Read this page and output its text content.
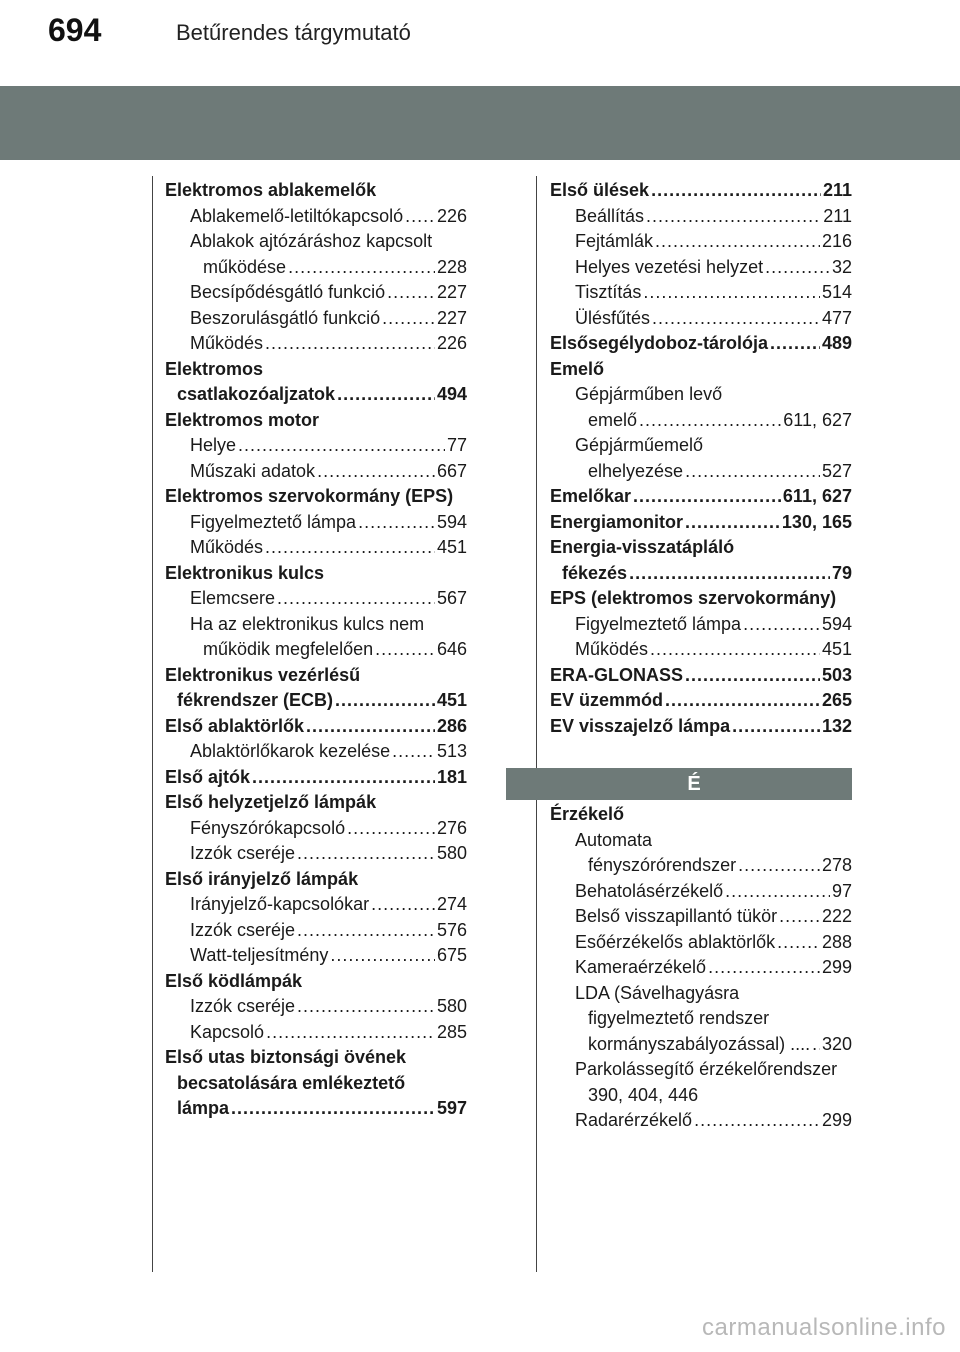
694	Betűrendes tárgymutató
Elektromos ablakemelők
Ablakemelő-letiltókapcsoló ..... 226
Ablakok ajtózáráshoz kapcsolt
működése .....	228
Becsípődésgátló funkció .....	227
Beszorulásgátló funkció .....	227
Működés .....	226
Elektromos
csatlakozóaljzatok .....	494
Elektromos motor
Helye .....	77
Műszaki adatok .....	667
Elektromos szervokormány (EPS)
Figyelmeztető lámpa .....	594
Működés .....	451
Elektronikus kulcs
Elemcsere .....	567
Ha az elektronikus kulcs nem
működik megfelelően .....	646
Elektronikus vezérlésű
fékrendszer (ECB) .....	451
Első ablaktörlők .....	286
Ablaktörlőkarok kezelése .....	513
Első ajtók .....	181
Első helyzetjelző lámpák
Fényszórókapcsoló .....	276
Izzók cseréje .....	580
Első irányjelző lámpák
Irányjelző-kapcsolókar .....	274
Izzók cseréje .....	576
Watt-teljesítmény .....	675
Első ködlámpák
Izzók cseréje .....	580
Kapcsoló .....	285
Első utas biztonsági övének
becsatolására emlékeztető
lámpa .....	597
Első ülések .....	211
Beállítás .....	211
Fejtámlák .....	216
Helyes vezetési helyzet .....	32
Tisztítás .....	514
Ülésfűtés .....	477
Elsősegélydoboz-tárolója .....	489
Emelő
Gépjárműben levő
emelő .....	611, 627
Gépjárműemelő
elhelyezése .....	527
Emelőkar .....	611, 627
Energiamonitor .....	130, 165
Energia-visszatápláló
fékezés .....	79
EPS (elektromos szervokormány)
Figyelmeztető lámpa .....	594
Működés .....	451
ERA-GLONASS .....	503
EV üzemmód .....	265
EV visszajelző lámpa .....	132
É
Érzékelő
Automata
fényszórórendszer .....	278
Behatolásérzékelő .....	97
Belső visszapillantó tükör ..... 222
Esőérzékelős ablaktörlők .....	288
Kameraérzékelő .....	299
LDA (Sávelhagyásra
figyelmeztető rendszer
kormányszabályozással) .... ..... 320
Parkolássegítő érzékelőrendszer
390, 404, 446
Radarérzékelő .....	299
carmanualsonline.info
